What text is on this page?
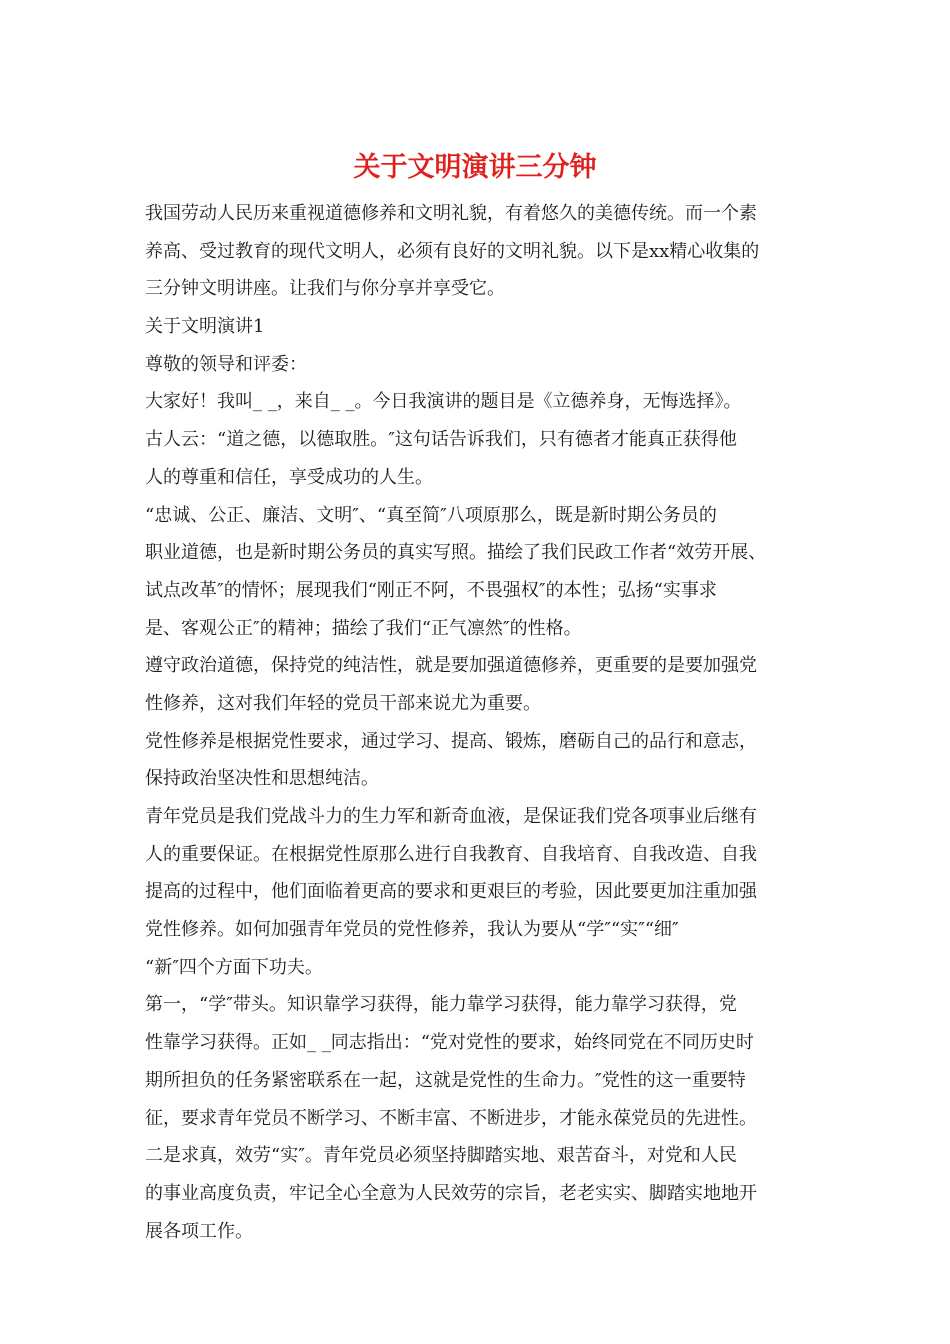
关于文明演讲三分钟

我国劳动人民历来重视道德修养和文明礼貌，有着悠久的美德传统。而一个素

养高、受过教育的现代文明人，必须有良好的文明礼貌。以下是xx精心收集的

三分钟文明讲座。让我们与你分享并享受它。

关于文明演讲1

尊敬的领导和评委：

大家好！我叫_ _，来自_ _。今日我演讲的题目是《立德养身，无悔选择》。

古人云：“道之德，以德取胜。″这句话告诉我们，只有德者才能真正获得他

人的尊重和信任，享受成功的人生。

“忠诚、公正、廉洁、文明″、“真至简″八项原那么，既是新时期公务员的

职业道德，也是新时期公务员的真实写照。描绘了我们民政工作者“效劳开展、

试点改革″的情怀；展现我们“刚正不阿，不畏强权″的本性；弘扬“实事求

是、客观公正″的精神；描绘了我们“正气凛然″的性格。

遵守政治道德，保持党的纯洁性，就是要加强道德修养，更重要的是要加强党

性修养，这对我们年轻的党员干部来说尤为重要。

党性修养是根据党性要求，通过学习、提高、锻炼，磨砺自己的品行和意志，

保持政治坚决性和思想纯洁。

青年党员是我们党战斗力的生力军和新奇血液，是保证我们党各项事业后继有

人的重要保证。在根据党性原那么进行自我教育、自我培育、自我改造、自我

提高的过程中，他们面临着更高的要求和更艰巨的考验，因此要更加注重加强

党性修养。如何加强青年党员的党性修养，我认为要从“学″“实″“细″

“新″四个方面下功夫。

第一，“学″带头。知识靠学习获得，能力靠学习获得，能力靠学习获得，党

性靠学习获得。正如_ _同志指出：“党对党性的要求，始终同党在不同历史时

期所担负的任务紧密联系在一起，这就是党性的生命力。″党性的这一重要特

征，要求青年党员不断学习、不断丰富、不断进步，才能永葆党员的先进性。

二是求真，效劳“实″。青年党员必须坚持脚踏实地、艰苦奋斗，对党和人民

的事业高度负责，牢记全心全意为人民效劳的宗旨，老老实实、脚踏实地地开

展各项工作。
